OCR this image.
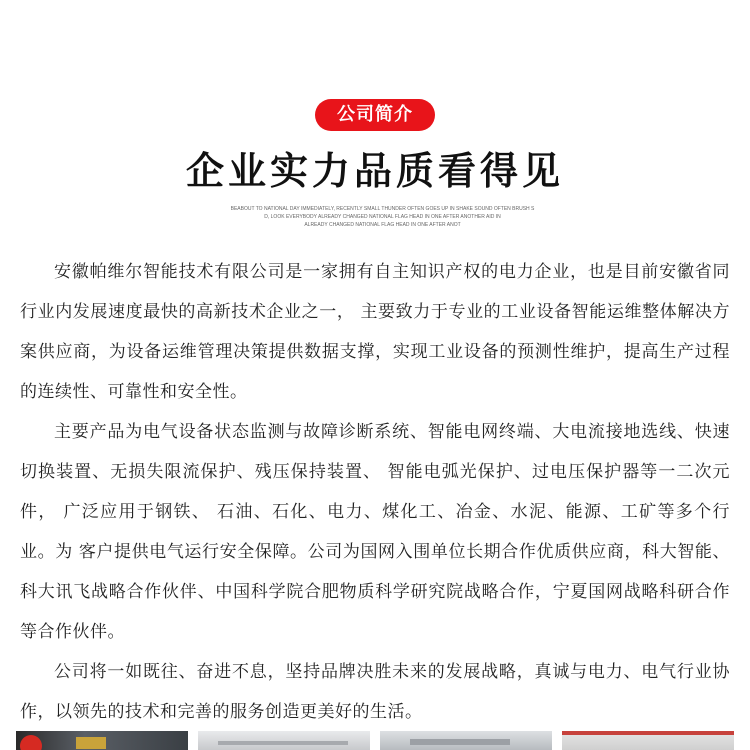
公司简介
企业实力品质看得见
BEABOUT TO NATIONAL DAY IMMEDIATELY, RECENTLY SMALL THUNDER OFTEN GOES UP IN SHAKE SOUND OFTEN BRUSH S
D, LOOK EVERYBODY ALREADY CHANGED NATIONAL FLAG HEAD IN ONE AFTER ANOTHER AID IN
ALREADY CHANGED NATIONAL FLAG HEAD IN ONE AFTER ANOT

安徽帕维尔智能技术有限公司是一家拥有自主知识产权的电力企业，也是目前安徽省同行业内发展速度最快的高新技术企业之一， 主要致力于专业的工业设备智能运维整体解决方案供应商，为设备运维管理决策提供数据支撑，实现工业设备的预测性维护，提高生产过程的连续性、可靠性和安全性。

主要产品为电气设备状态监测与故障诊断系统、智能电网终端、大电流接地选线、快速切换装置、无损失限流保护、残压保持装置、 智能电弧光保护、过电压保护器等一二次元件， 广泛应用于钢铁、 石油、石化、电力、煤化工、冶金、水泥、能源、工矿等多个行业。为 客户提供电气运行安全保障。公司为国网入围单位长期合作优质供应商，科大智能、科大讯飞战略合作伙伴、中国科学院合肥物质科学研究院战略合作，宁夏国网战略科研合作等合作伙伴。

公司将一如既往、奋进不息，坚持品牌决胜未来的发展战略，真诚与电力、电气行业协作，以领先的技术和完善的服务创造更美好的生活。
